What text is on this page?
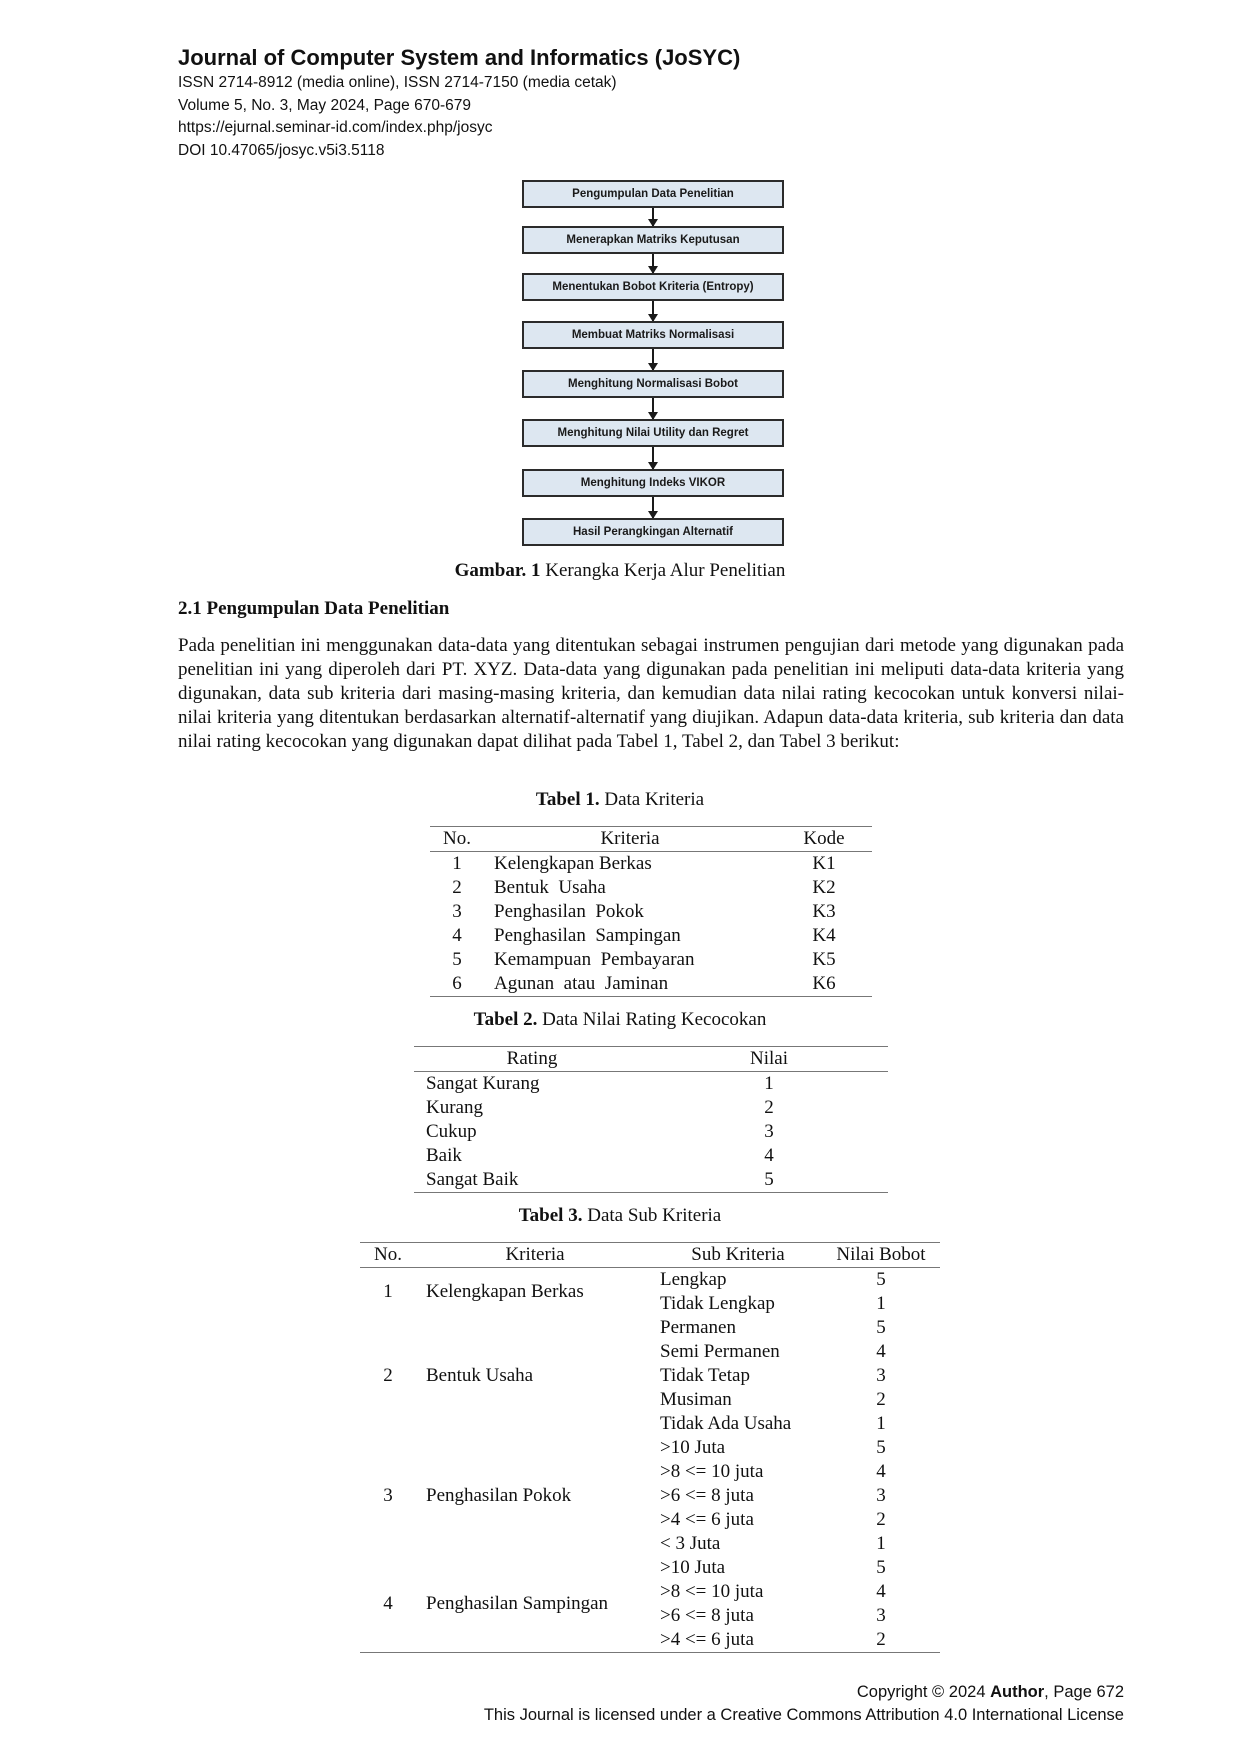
Journal of Computer System and Informatics (JoSYC)
ISSN 2714-8912 (media online), ISSN 2714-7150 (media cetak)
Volume 5, No. 3, May 2024, Page 670-679
https://ejurnal.seminar-id.com/index.php/josyc
DOI 10.47065/josyc.v5i3.5118
Pengumpulan Data Penelitian
Menerapkan Matriks Keputusan
Menentukan Bobot Kriteria (Entropy)
Membuat Matriks Normalisasi
Menghitung Normalisasi Bobot
Menghitung Nilai Utility dan Regret
Menghitung Indeks VIKOR
Hasil Perangkingan Alternatif
Gambar. 1 Kerangka Kerja Alur Penelitian
2.1 Pengumpulan Data Penelitian
Pada penelitian ini menggunakan data-data yang ditentukan sebagai instrumen pengujian dari metode yang digunakan pada penelitian ini yang diperoleh dari PT. XYZ. Data-data yang digunakan pada penelitian ini meliputi data-data kriteria yang digunakan, data sub kriteria dari masing-masing kriteria, dan kemudian data nilai rating kecocokan untuk konversi nilai-nilai kriteria yang ditentukan berdasarkan alternatif-alternatif yang diujikan. Adapun data-data kriteria, sub kriteria dan data nilai rating kecocokan yang digunakan dapat dilihat pada Tabel 1, Tabel 2, dan Tabel 3 berikut:
Tabel 1. Data Kriteria
No.	Kriteria	Kode
1	Kelengkapan Berkas	K1
2	Bentuk  Usaha	K2
3	Penghasilan  Pokok	K3
4	Penghasilan  Sampingan	K4
5	Kemampuan  Pembayaran	K5
6	Agunan  atau  Jaminan	K6
Tabel 2. Data Nilai Rating Kecocokan
Rating	Nilai
Sangat Kurang	1
Kurang	2
Cukup	3
Baik	4
Sangat Baik	5
Tabel 3. Data Sub Kriteria
No.	Kriteria	Sub Kriteria	Nilai Bobot
1	Kelengkapan Berkas	Lengkap	5
		Tidak Lengkap	1
2	Bentuk Usaha	Permanen	5
		Semi Permanen	4
		Tidak Tetap	3
		Musiman	2
		Tidak Ada Usaha	1
3	Penghasilan Pokok	>10 Juta	5
		>8 <= 10 juta	4
		>6 <= 8 juta	3
		>4 <= 6 juta	2
		< 3 Juta	1
4	Penghasilan Sampingan	>10 Juta	5
		>8 <= 10 juta	4
		>6 <= 8 juta	3
		>4 <= 6 juta	2
Copyright © 2024 Author, Page 672
This Journal is licensed under a Creative Commons Attribution 4.0 International License
